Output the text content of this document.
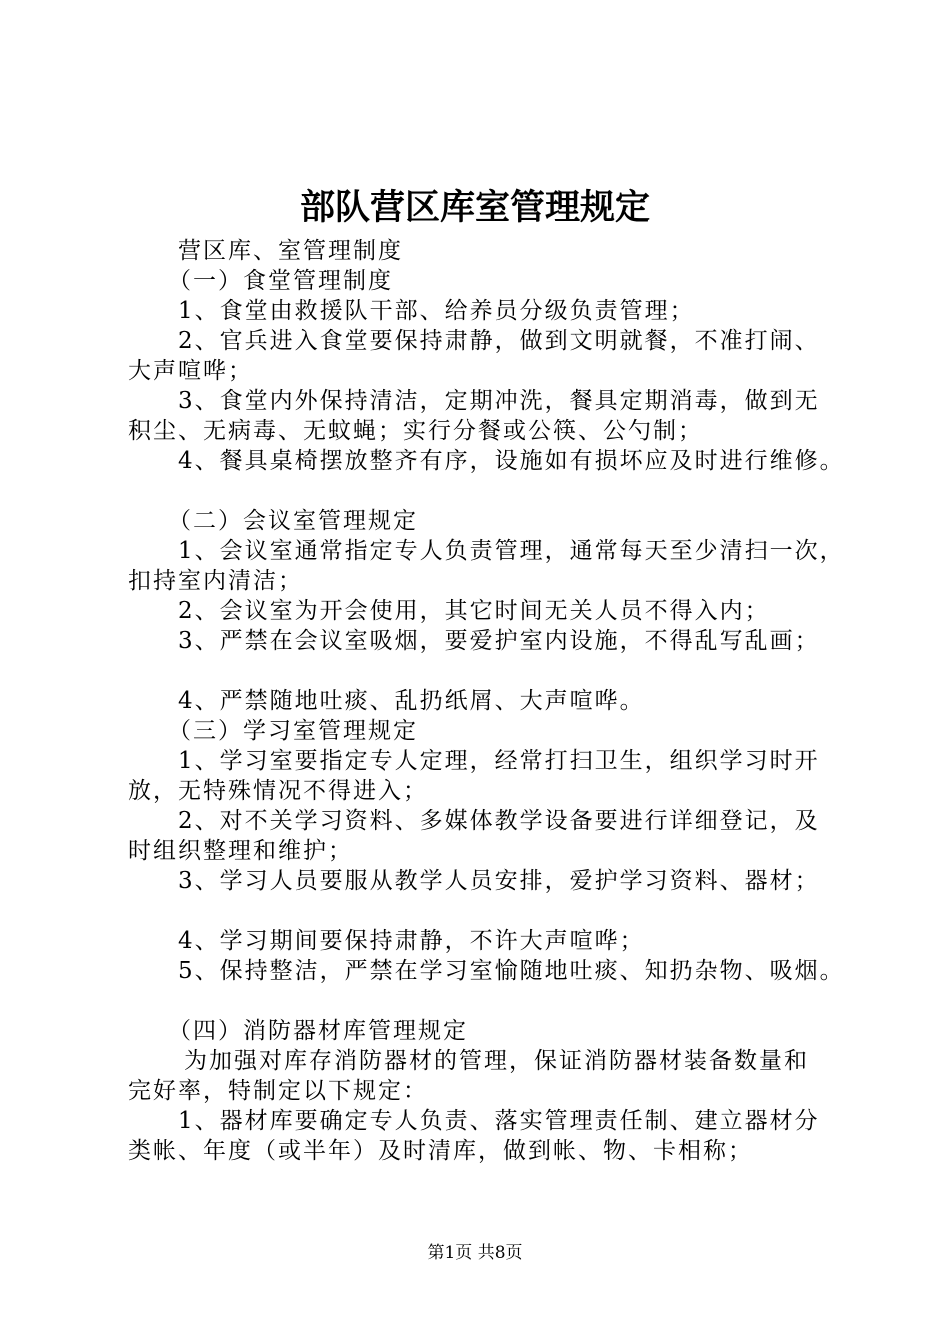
部队营区库室管理规定
营区库、室管理制度
（一）食堂管理制度
1、食堂由救援队干部、给养员分级负责管理；
2、官兵进入食堂要保持肃静，做到文明就餐，不准打闹、
大声喧哗；
3、食堂内外保持清洁，定期冲洗，餐具定期消毒，做到无
积尘、无病毒、无蚊蝇；实行分餐或公筷、公勺制；
4、餐具桌椅摆放整齐有序，设施如有损坏应及时进行维修。
（二）会议室管理规定
1、会议室通常指定专人负责管理，通常每天至少清扫一次，
扣持室内清洁；
2、会议室为开会使用，其它时间无关人员不得入内；
3、严禁在会议室吸烟，要爱护室内设施，不得乱写乱画；
4、严禁随地吐痰、乱扔纸屑、大声喧哗。
（三）学习室管理规定
1、学习室要指定专人定理，经常打扫卫生，组织学习时开
放，无特殊情况不得进入；
2、对不关学习资料、多媒体教学设备要进行详细登记，及
时组织整理和维护；
3、学习人员要服从教学人员安排，爱护学习资料、器材；
4、学习期间要保持肃静，不许大声喧哗；
5、保持整洁，严禁在学习室愉随地吐痰、知扔杂物、吸烟。
（四）消防器材库管理规定
为加强对库存消防器材的管理，保证消防器材装备数量和
完好率，特制定以下规定：
1、器材库要确定专人负责、落实管理责任制、建立器材分
类帐、年度（或半年）及时清库，做到帐、物、卡相称；
第1页 共8页
